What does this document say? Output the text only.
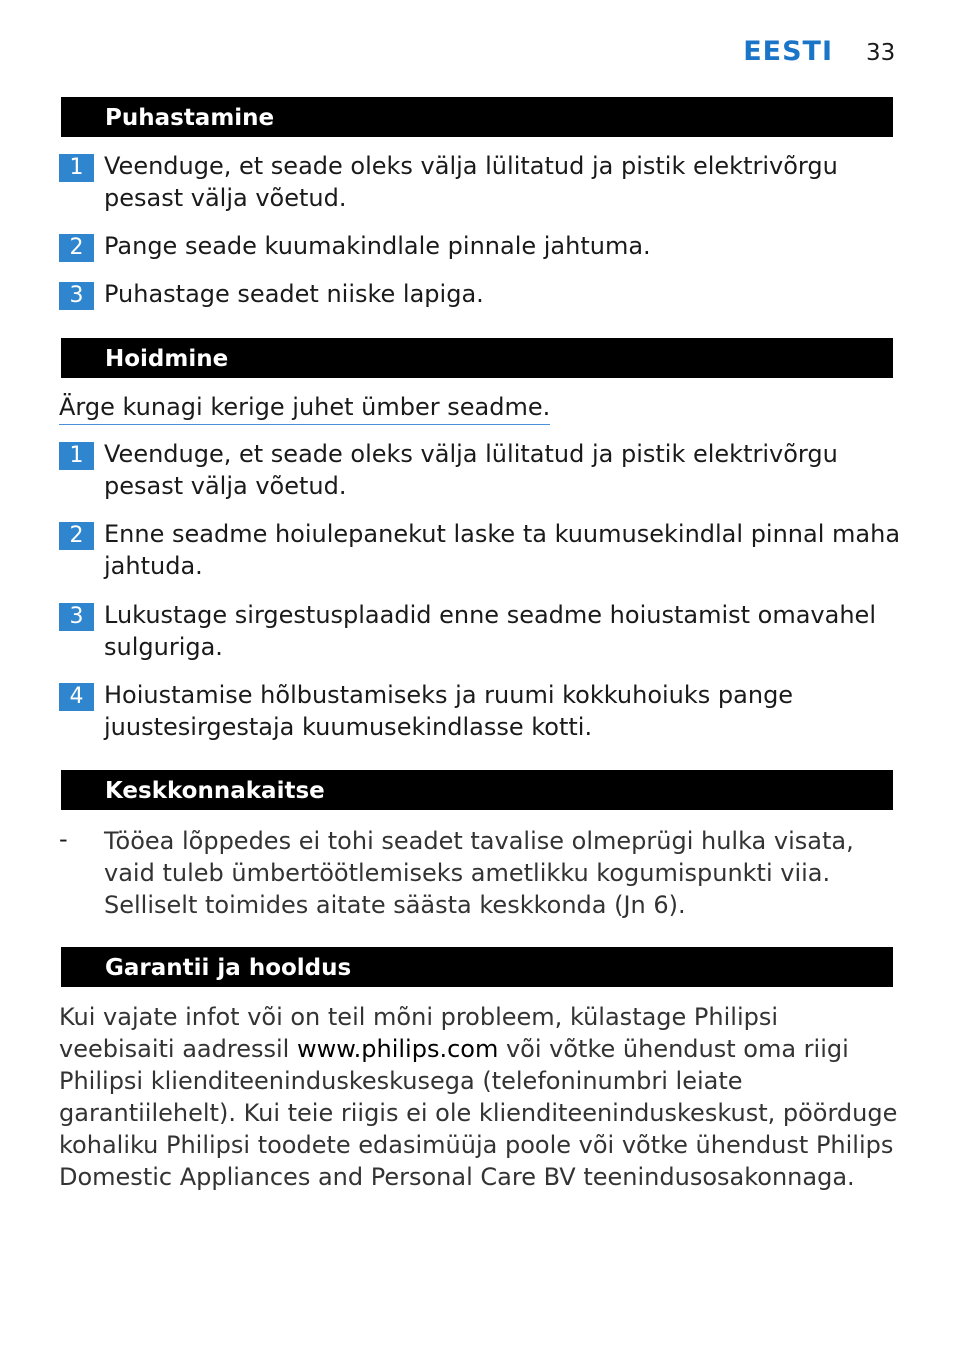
EESTI 33
Puhastamine
1 Veenduge, et seade oleks välja lülitatud ja pistik elektrivõrgu pesast välja võetud.
2 Pange seade kuumakindlale pinnale jahtuma.
3 Puhastage seadet niiske lapiga.
Hoidmine
Ärge kunagi kerige juhet ümber seadme.
1 Veenduge, et seade oleks välja lülitatud ja pistik elektrivõrgu pesast välja võetud.
2 Enne seadme hoiulepanekut laske ta kuumusekindlal pinnal maha jahtuda.
3 Lukustage sirgestusplaadid enne seadme hoiustamist omavahel sulguriga.
4 Hoiustamise hõlbustamiseks ja ruumi kokkuhoiuks pange juustesirgestaja kuumusekindlasse kotti.
Keskkonnakaitse
- Tööea lõppedes ei tohi seadet tavalise olmeprügi hulka visata, vaid tuleb ümbertöötlemiseks ametlikku kogumispunkti viia. Selliselt toimides aitate säästa keskkonda (Jn 6).
Garantii ja hooldus
Kui vajate infot või on teil mõni probleem, külastage Philipsi veebisaiti aadressil www.philips.com või võtke ühendust oma riigi Philipsi klienditeeninduskeskusega (telefoninumbri leiate garantiilehelt). Kui teie riigis ei ole klienditeeninduskeskust, pöörduge kohaliku Philipsi toodete edasimüüja poole või võtke ühendust Philips Domestic Appliances and Personal Care BV teenindusosakonnaga.
